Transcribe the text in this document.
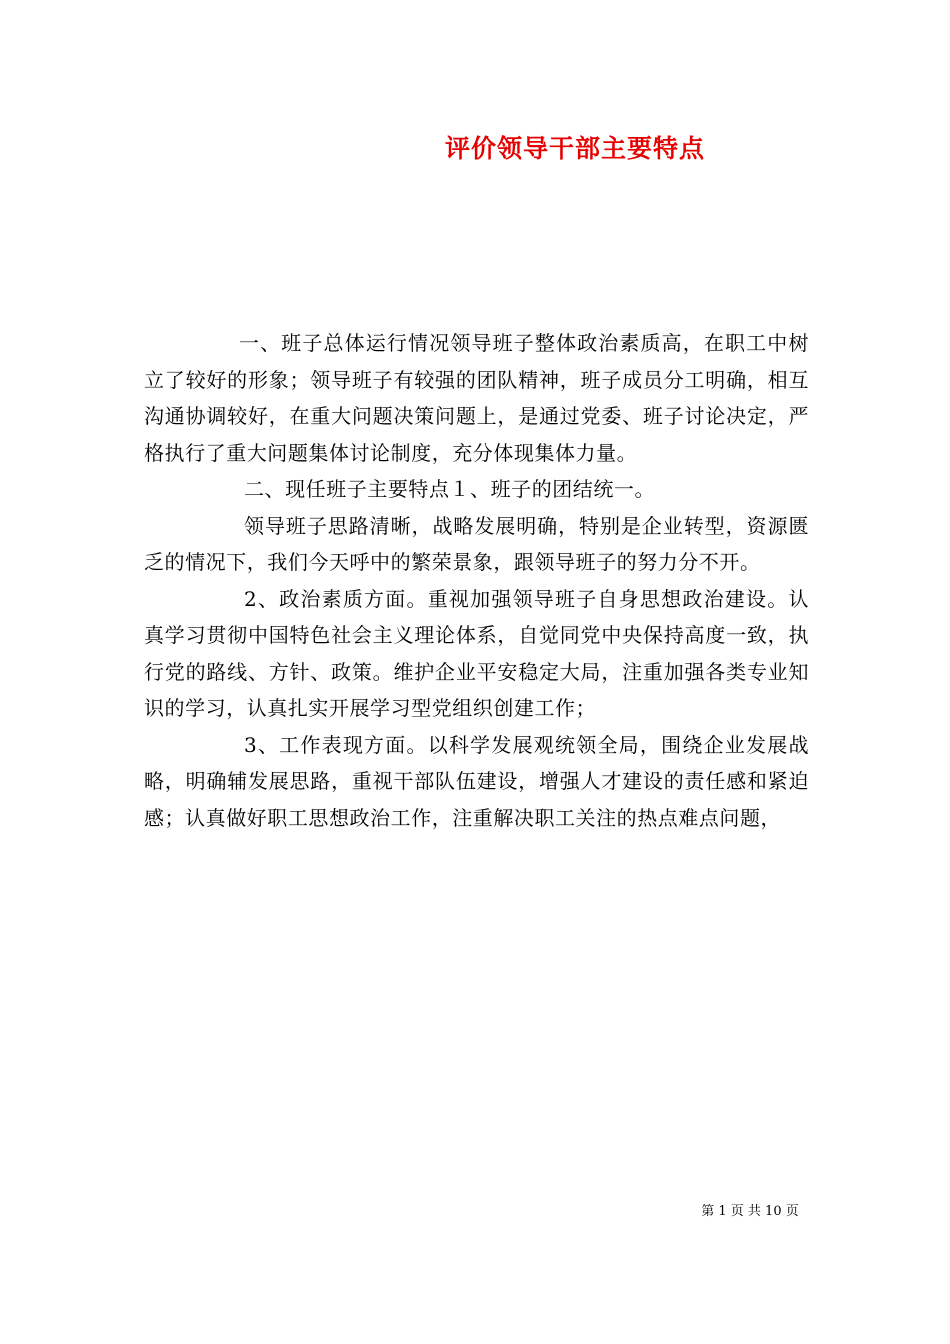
评价领导干部主要特点

一、班子总体运行情况领导班子整体政治素质高，在职工中树立了较好的形象；领导班子有较强的团队精神，班子成员分工明确，相互沟通协调较好，在重大问题决策问题上，是通过党委、班子讨论决定，严格执行了重大问题集体讨论制度，充分体现集体力量。

二、现任班子主要特点１、班子的团结统一。

领导班子思路清晰，战略发展明确，特别是企业转型，资源匮乏的情况下，我们今天呼中的繁荣景象，跟领导班子的努力分不开。

2、政治素质方面。重视加强领导班子自身思想政治建设。认真学习贯彻中国特色社会主义理论体系，自觉同党中央保持高度一致，执行党的路线、方针、政策。维护企业平安稳定大局，注重加强各类专业知识的学习，认真扎实开展学习型党组织创建工作；

3、工作表现方面。以科学发展观统领全局，围绕企业发展战略，明确辅发展思路，重视干部队伍建设，增强人才建设的责任感和紧迫感；认真做好职工思想政治工作，注重解决职工关注的热点难点问题，

第 1 页 共 10 页
